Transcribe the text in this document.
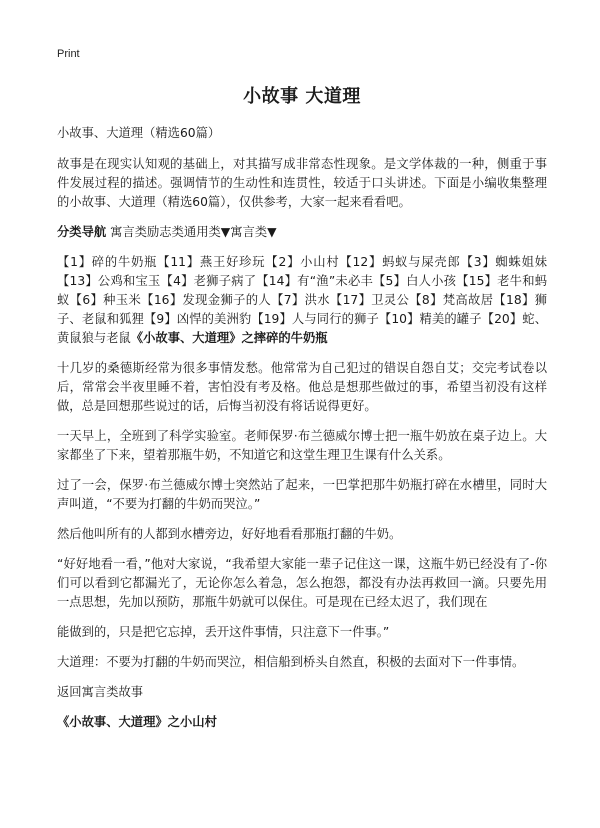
Print
小故事 大道理

小故事、大道理（精选60篇）

故事是在现实认知观的基础上，对其描写成非常态性现象。是文学体裁的一种，侧重于事件发展过程的描述。强调情节的生动性和连贯性，较适于口头讲述。下面是小编收集整理的小故事、大道理（精选60篇），仅供参考，大家一起来看看吧。

分类导航 寓言类励志类通用类▼寓言类▼

【1】碎的牛奶瓶【11】燕王好珍玩【2】小山村【12】蚂蚁与屎壳郎【3】蜘蛛姐妹【13】公鸡和宝玉【4】老狮子病了【14】有“渔”未必丰【5】白人小孩【15】老牛和蚂蚁【6】种玉米【16】发现金狮子的人【7】洪水【17】卫灵公【8】梵高故居【18】狮子、老鼠和狐狸【9】凶悍的美洲豹【19】人与同行的狮子【10】精美的罐子【20】蛇、黄鼠狼与老鼠《小故事、大道理》之摔碎的牛奶瓶

十几岁的桑德斯经常为很多事情发愁。他常常为自己犯过的错误自怨自艾；交完考试卷以后，常常会半夜里睡不着，害怕没有考及格。他总是想那些做过的事，希望当初没有这样做，总是回想那些说过的话，后悔当初没有将话说得更好。

一天早上，全班到了科学实验室。老师保罗·布兰德威尔博士把一瓶牛奶放在桌子边上。大家都坐了下来，望着那瓶牛奶，不知道它和这堂生理卫生课有什么关系。

过了一会，保罗·布兰德威尔博士突然站了起来，一巴掌把那牛奶瓶打碎在水槽里，同时大声叫道，“不要为打翻的牛奶而哭泣。”

然后他叫所有的人都到水槽旁边，好好地看看那瓶打翻的牛奶。

“好好地看一看，”他对大家说，“我希望大家能一辈子记住这一课，这瓶牛奶已经没有了-你们可以看到它都漏光了，无论你怎么着急，怎么抱怨，都没有办法再救回一滴。只要先用一点思想，先加以预防，那瓶牛奶就可以保住。可是现在已经太迟了，我们现在

能做到的，只是把它忘掉，丢开这件事情，只注意下一件事。”

大道理：不要为打翻的牛奶而哭泣，相信船到桥头自然直，积极的去面对下一件事情。

返回寓言类故事

《小故事、大道理》之小山村
